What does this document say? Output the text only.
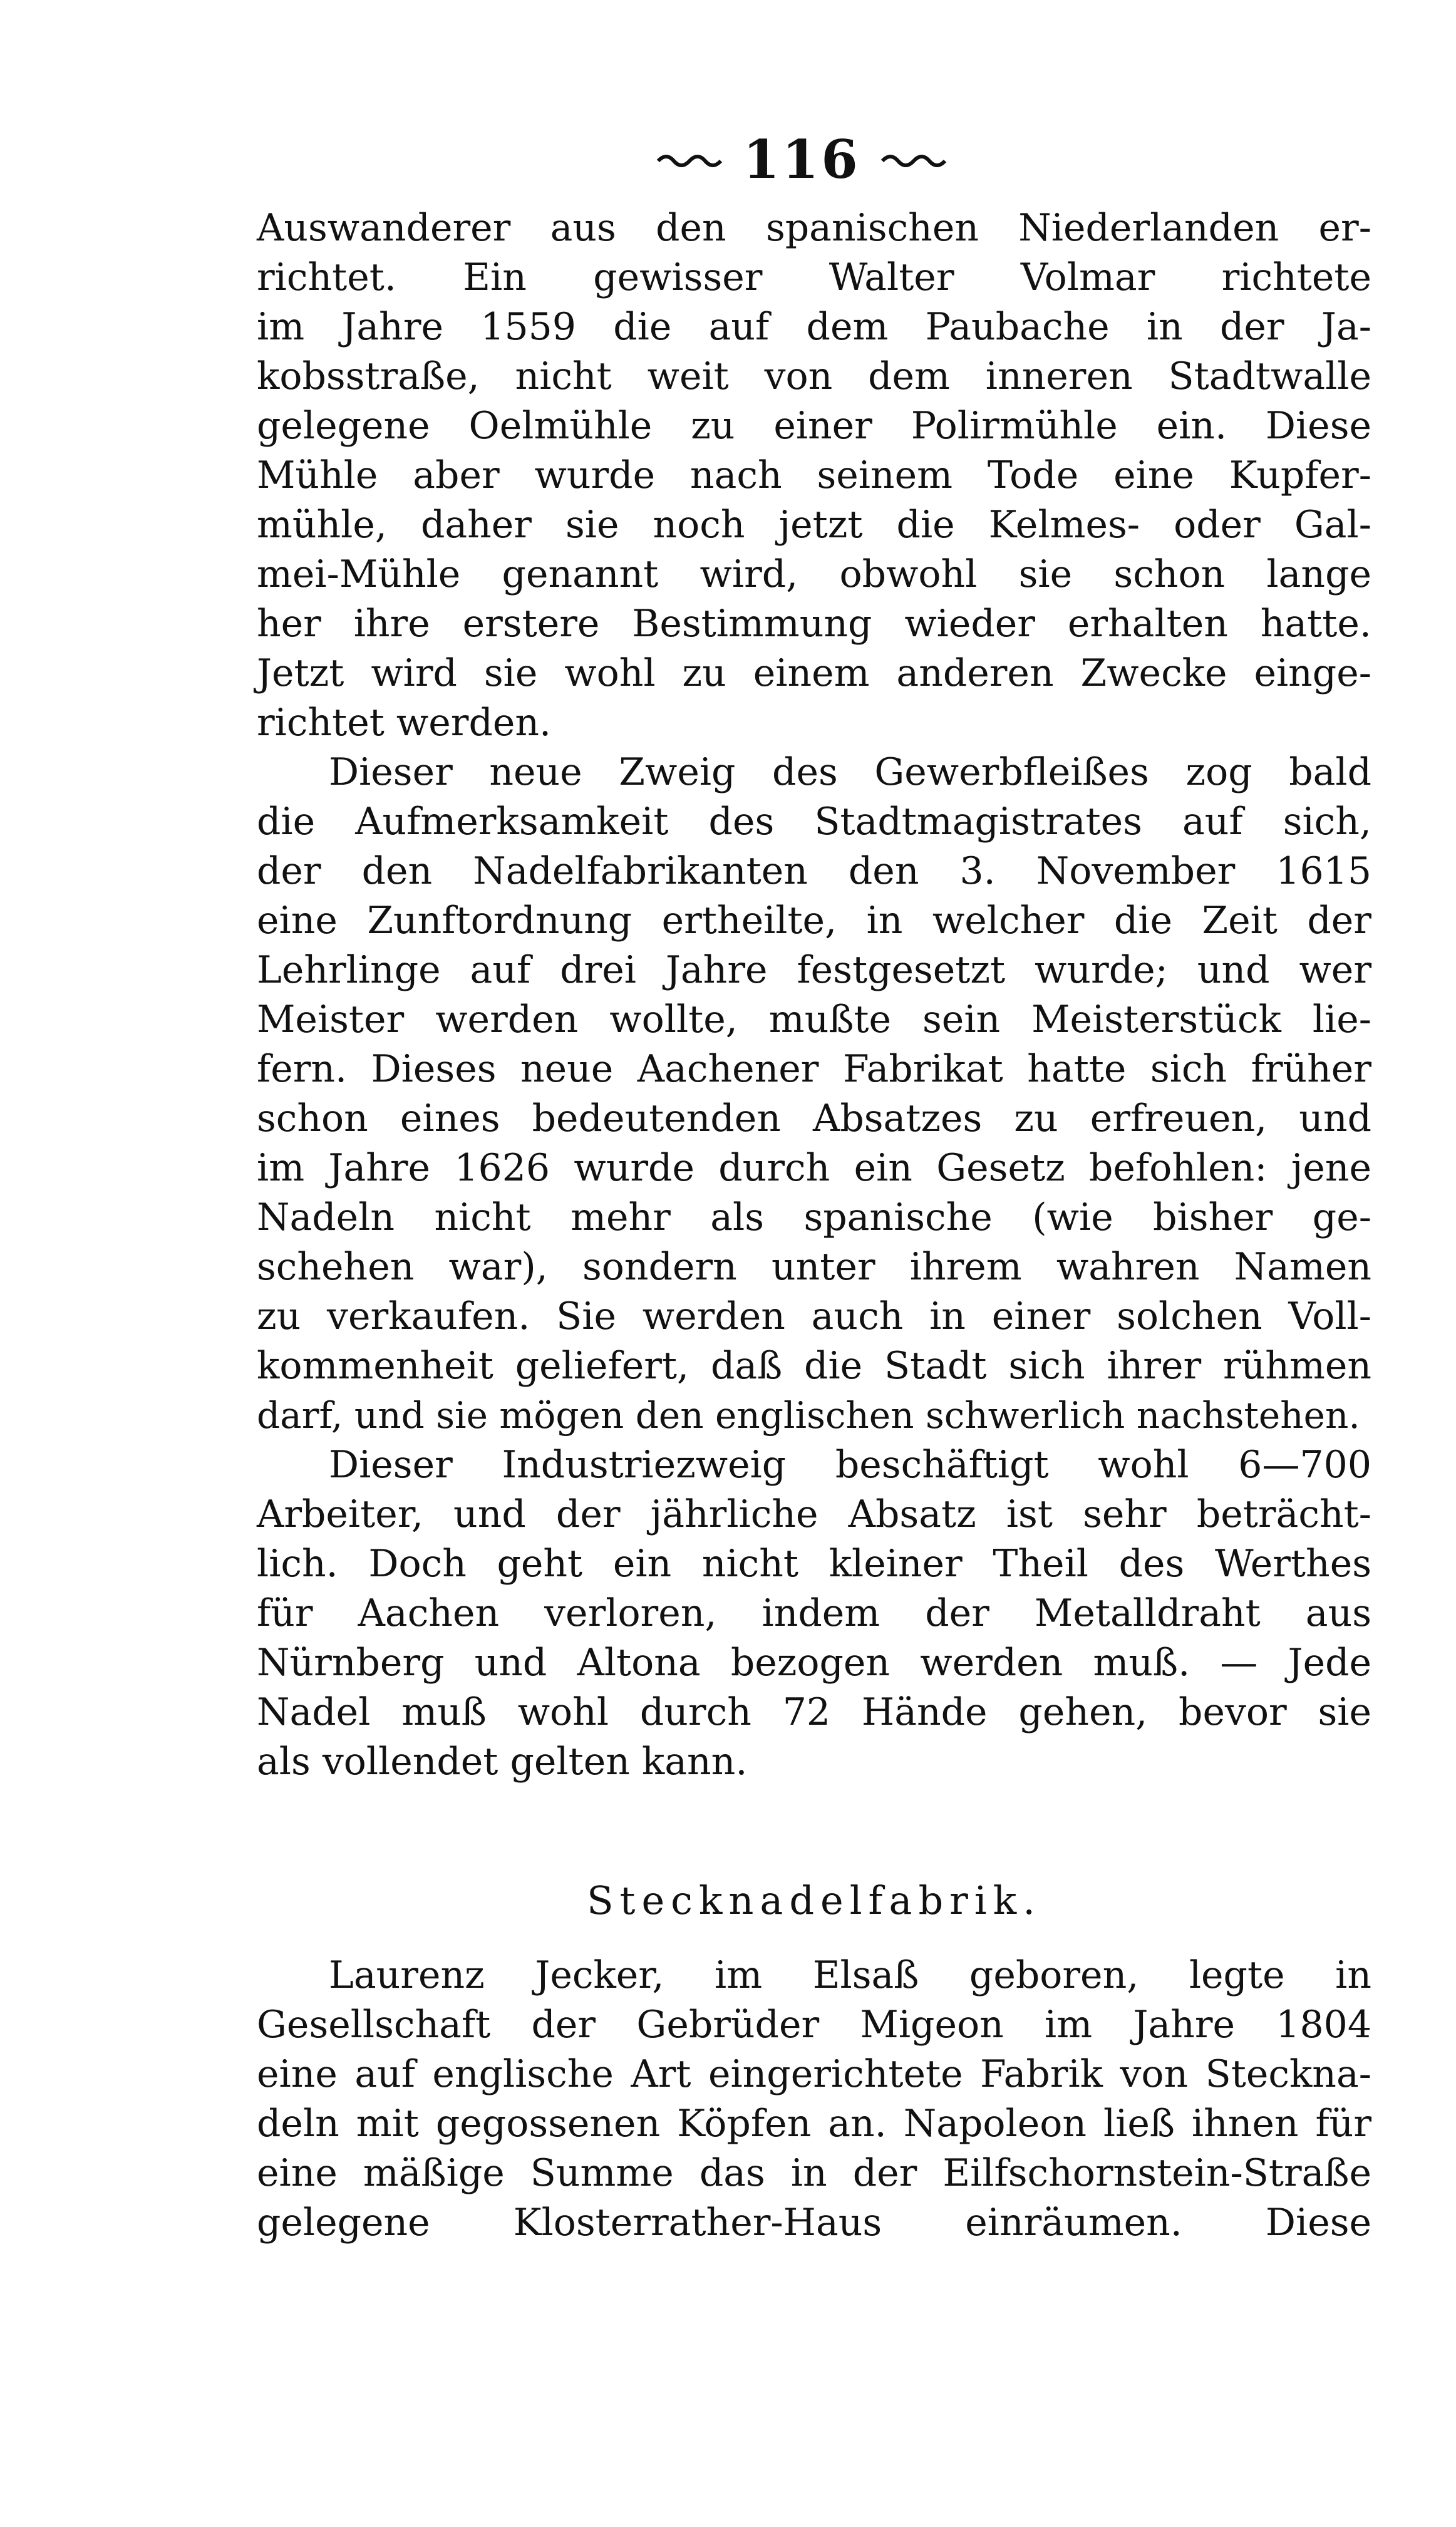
116
Auswanderer aus den spanischen Niederlanden er-
richtet. Ein gewisser Walter Volmar richtete
im Jahre 1559 die auf dem Paubache in der Ja-
kobsstraße, nicht weit von dem inneren Stadtwalle
gelegene Oelmühle zu einer Polirmühle ein. Diese
Mühle aber wurde nach seinem Tode eine Kupfer-
mühle, daher sie noch jetzt die Kelmes- oder Gal-
mei-Mühle genannt wird, obwohl sie schon lange
her ihre erstere Bestimmung wieder erhalten hatte.
Jetzt wird sie wohl zu einem anderen Zwecke einge-
richtet werden.
Dieser neue Zweig des Gewerbfleißes zog bald
die Aufmerksamkeit des Stadtmagistrates auf sich,
der den Nadelfabrikanten den 3. November 1615
eine Zunftordnung ertheilte, in welcher die Zeit der
Lehrlinge auf drei Jahre festgesetzt wurde; und wer
Meister werden wollte, mußte sein Meisterstück lie-
fern. Dieses neue Aachener Fabrikat hatte sich früher
schon eines bedeutenden Absatzes zu erfreuen, und
im Jahre 1626 wurde durch ein Gesetz befohlen: jene
Nadeln nicht mehr als spanische (wie bisher ge-
schehen war), sondern unter ihrem wahren Namen
zu verkaufen. Sie werden auch in einer solchen Voll-
kommenheit geliefert, daß die Stadt sich ihrer rühmen
darf, und sie mögen den englischen schwerlich nachstehen.
Dieser Industriezweig beschäftigt wohl 6—700
Arbeiter, und der jährliche Absatz ist sehr beträcht-
lich. Doch geht ein nicht kleiner Theil des Werthes
für Aachen verloren, indem der Metalldraht aus
Nürnberg und Altona bezogen werden muß. — Jede
Nadel muß wohl durch 72 Hände gehen, bevor sie
als vollendet gelten kann.
Stecknadelfabrik.
Laurenz Jecker, im Elsaß geboren, legte in
Gesellschaft der Gebrüder Migeon im Jahre 1804
eine auf englische Art eingerichtete Fabrik von Steckna-
deln mit gegossenen Köpfen an. Napoleon ließ ihnen für
eine mäßige Summe das in der Eilfschornstein-Straße
gelegene Klosterrather-Haus einräumen. Diese
